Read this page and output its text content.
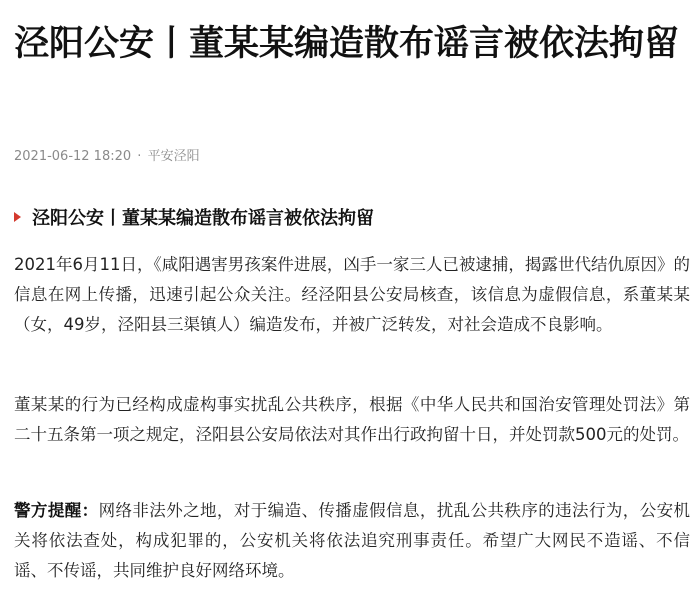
泾阳公安丨董某某编造散布谣言被依法拘留
2021-06-12 18:20 · 平安泾阳
泾阳公安丨董某某编造散布谣言被依法拘留

2021年6月11日，《咸阳遇害男孩案件进展，凶手一家三人已被逮捕，揭露世代结仇原因》的信息在网上传播，迅速引起公众关注。经泾阳县公安局核查，该信息为虚假信息，系董某某（女，49岁，泾阳县三渠镇人）编造发布，并被广泛转发，对社会造成不良影响。

董某某的行为已经构成虚构事实扰乱公共秩序，根据《中华人民共和国治安管理处罚法》第二十五条第一项之规定，泾阳县公安局依法对其作出行政拘留十日，并处罚款500元的处罚。

警方提醒：网络非法外之地，对于编造、传播虚假信息，扰乱公共秩序的违法行为，公安机关将依法查处，构成犯罪的，公安机关将依法追究刑事责任。希望广大网民不造谣、不信谣、不传谣，共同维护良好网络环境。
